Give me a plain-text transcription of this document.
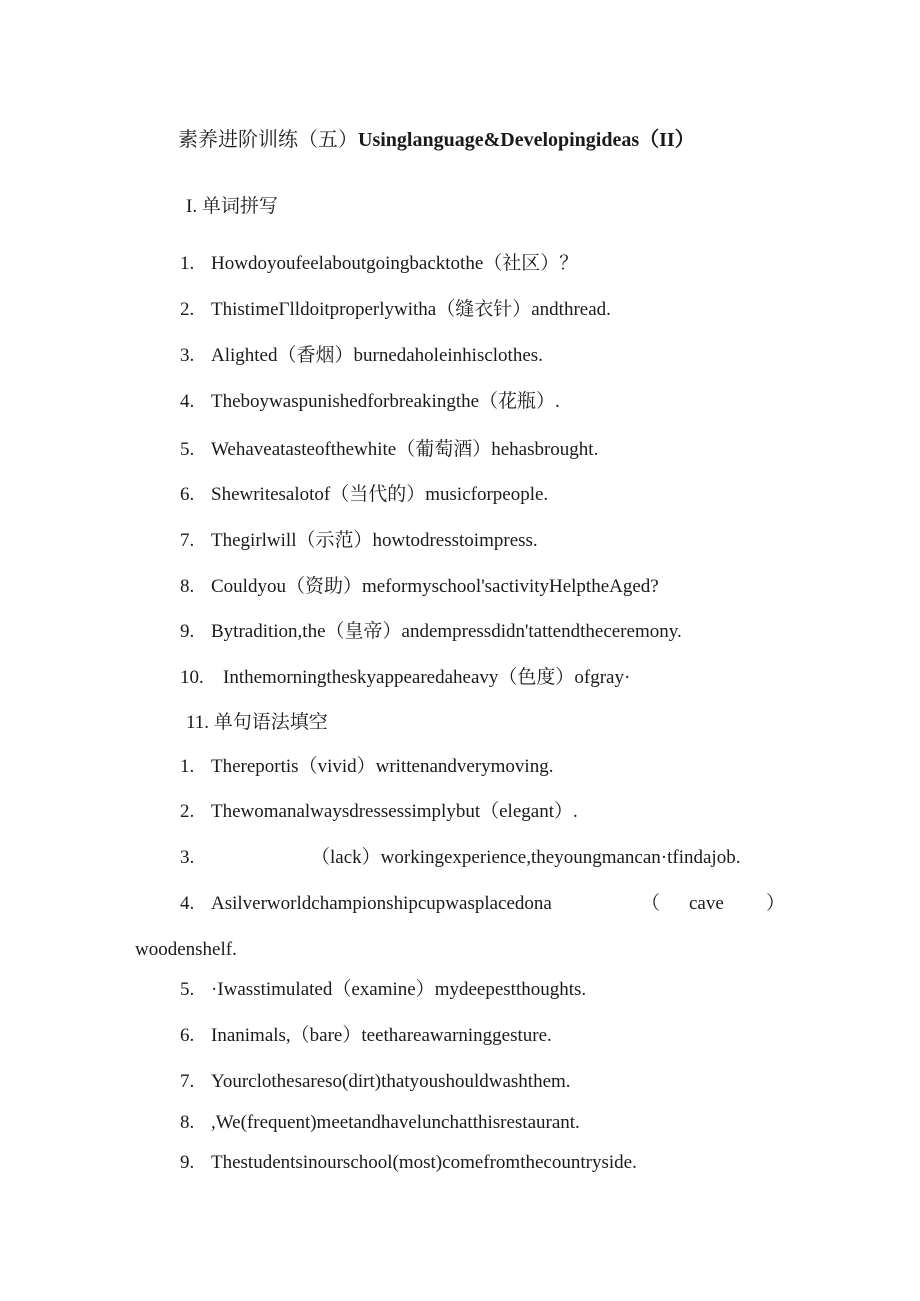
素养进阶训练（五）Usinglanguage&Developingideas（II）
I. 单词拼写
1. Howdoyoufeelaboutgoingbacktothe（社区）？
2. ThistimeΓlldoitproperlywitha（缝衣针）andthread.
3. Alighted（香烟）burnedaholeinhisclothes.
4. Theboywaspunishedforbreakingthe（花瓶）.
5. Wehaveatasteofthewhite（葡萄酒）hehasbrought.
6. Shewritesalotof（当代的）musicforpeople.
7. Thegirlwill（示范）howtodresstoimpress.
8. Couldyou（资助）meformyschool'sactivityHelptheAged?
9. Bytradition,the（皇帝）andempressdidn'tattendtheceremony.
10. Inthemorningtheskyappearedaheavy（色度）ofgray·
11. 单句语法填空
1. Thereportis（vivid）writtenandverymoving.
2. Thewomanalwaysdressessimplybut（elegant）.
3.	（lack）workingexperience,theyoungmancan·tfindajob.
4. Asilverworldchampionshipcupwasplacedona	（ cave ）
woodenshelf.
5. ·Iwasstimulated（examine）mydeepestthoughts.
6. Inanimals,（bare）teethareawarninggesture.
7. Yourclothesareso(dirt)thatyoushouldwashthem.
8. ,We(frequent)meetandhavelunchatthisrestaurant.
9. Thestudentsinourschool(most)comefromthecountryside.
